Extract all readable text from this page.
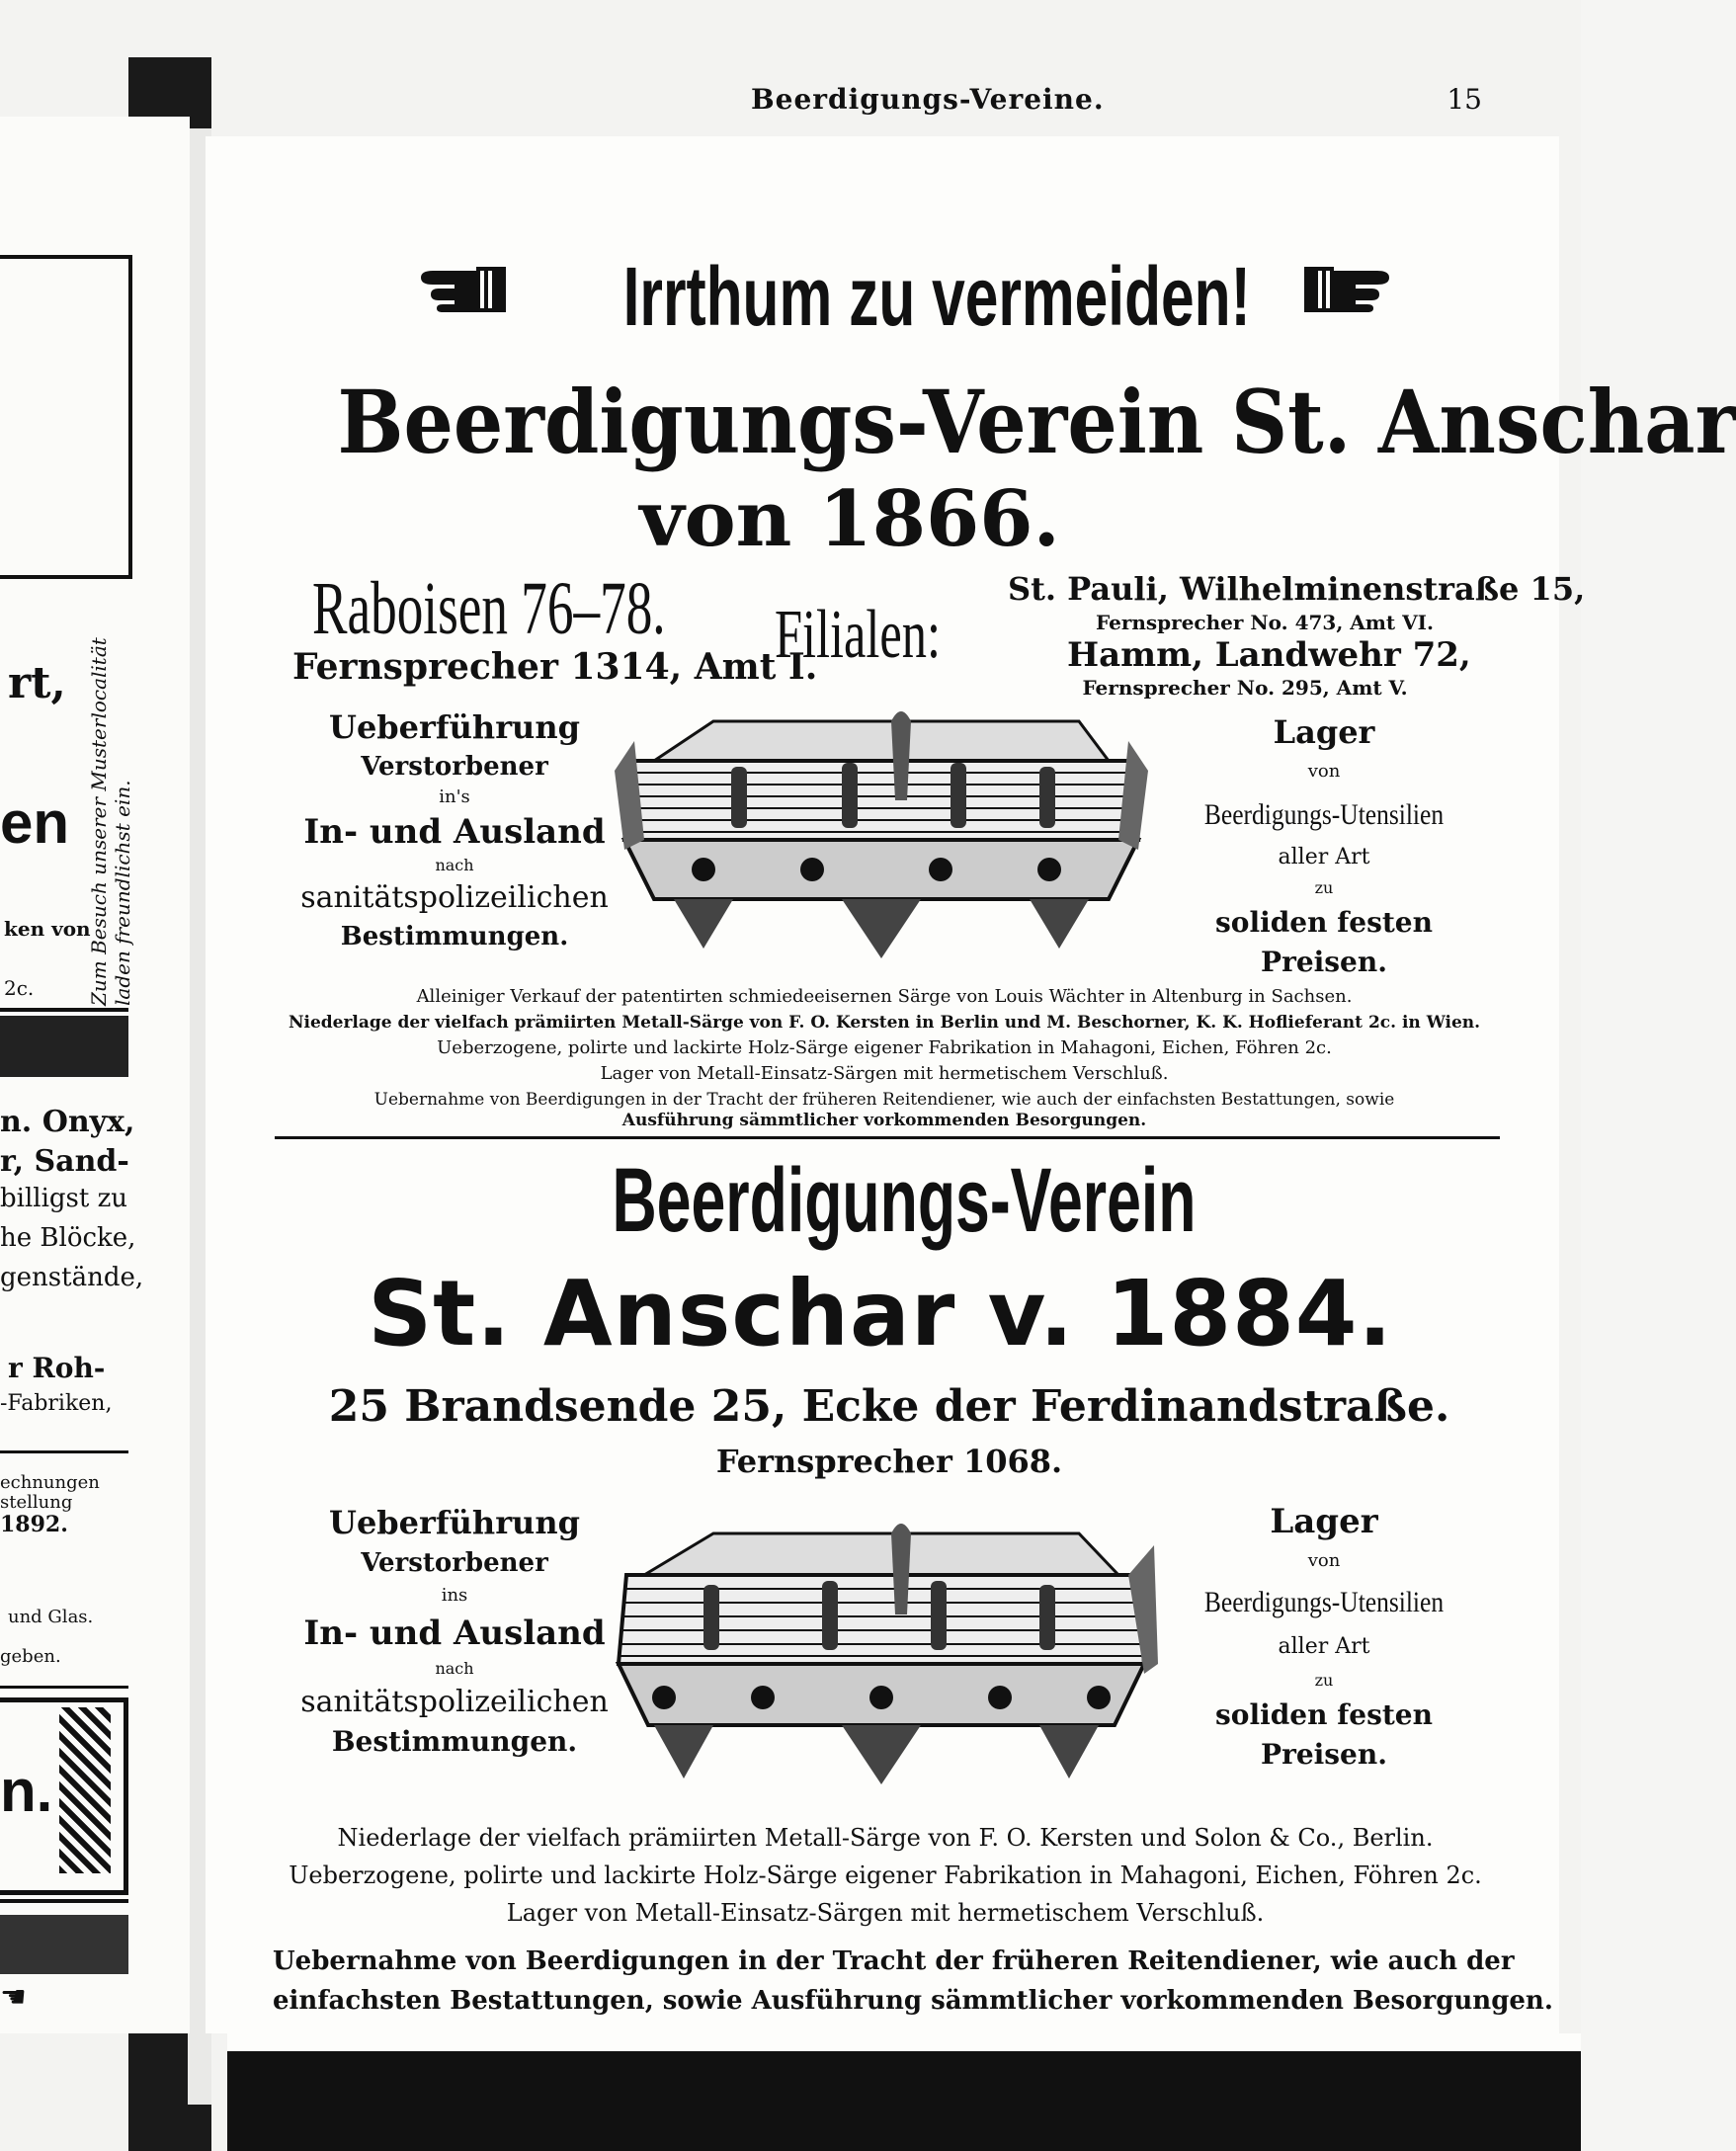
rt,
en
ken von
2c.
n. Onyx,
r, Sand-
billigst zu
he Blöcke,
genstände,
r Roh-
-Fabriken,
echnungen
stellung
1892.
und Glas.
geben.
n.
☚
Zum Besuch unserer Musterlocalität laden freundlichst ein.
Beerdigungs-Vereine.	15
Irrthum zu vermeiden!
Beerdigungs-Verein St. Anschar
von 1866.
Raboisen 76–78.
Fernsprecher 1314, Amt I.
Filialen:
St. Pauli, Wilhelminenstraße 15,
Fernsprecher No. 473, Amt VI.
Hamm, Landwehr 72,
Fernsprecher No. 295, Amt V.
Ueberführung
Verstorbener
in's
In- und Ausland
nach
sanitätspolizeilichen
Bestimmungen.
Lager
von
Beerdigungs-Utensilien
aller Art
zu
soliden festen Preisen.
Alleiniger Verkauf der patentirten schmiedeeisernen Särge von Louis Wächter in Altenburg in Sachsen.
Niederlage der vielfach prämiirten Metall-Särge von F. O. Kersten in Berlin und M. Beschorner, K. K. Hoflieferant 2c. in Wien.
Ueberzogene, polirte und lackirte Holz-Särge eigener Fabrikation in Mahagoni, Eichen, Föhren 2c.
Lager von Metall-Einsatz-Särgen mit hermetischem Verschluß.
Uebernahme von Beerdigungen in der Tracht der früheren Reitendiener, wie auch der einfachsten Bestattungen, sowie
Ausführung sämmtlicher vorkommenden Besorgungen.
Beerdigungs-Verein
St. Anschar v. 1884.
25 Brandsende 25, Ecke der Ferdinandstraße.
Fernsprecher 1068.
Ueberführung
Verstorbener
ins
In- und Ausland
nach
sanitätspolizeilichen
Bestimmungen.
Lager
von
Beerdigungs-Utensilien
aller Art
zu
soliden festen Preisen.
Niederlage der vielfach prämiirten Metall-Särge von F. O. Kersten und Solon & Co., Berlin.
Ueberzogene, polirte und lackirte Holz-Särge eigener Fabrikation in Mahagoni, Eichen, Föhren 2c.
Lager von Metall-Einsatz-Särgen mit hermetischem Verschluß.
Uebernahme von Beerdigungen in der Tracht der früheren Reitendiener, wie auch der
einfachsten Bestattungen, sowie Ausführung sämmtlicher vorkommenden Besorgungen.
